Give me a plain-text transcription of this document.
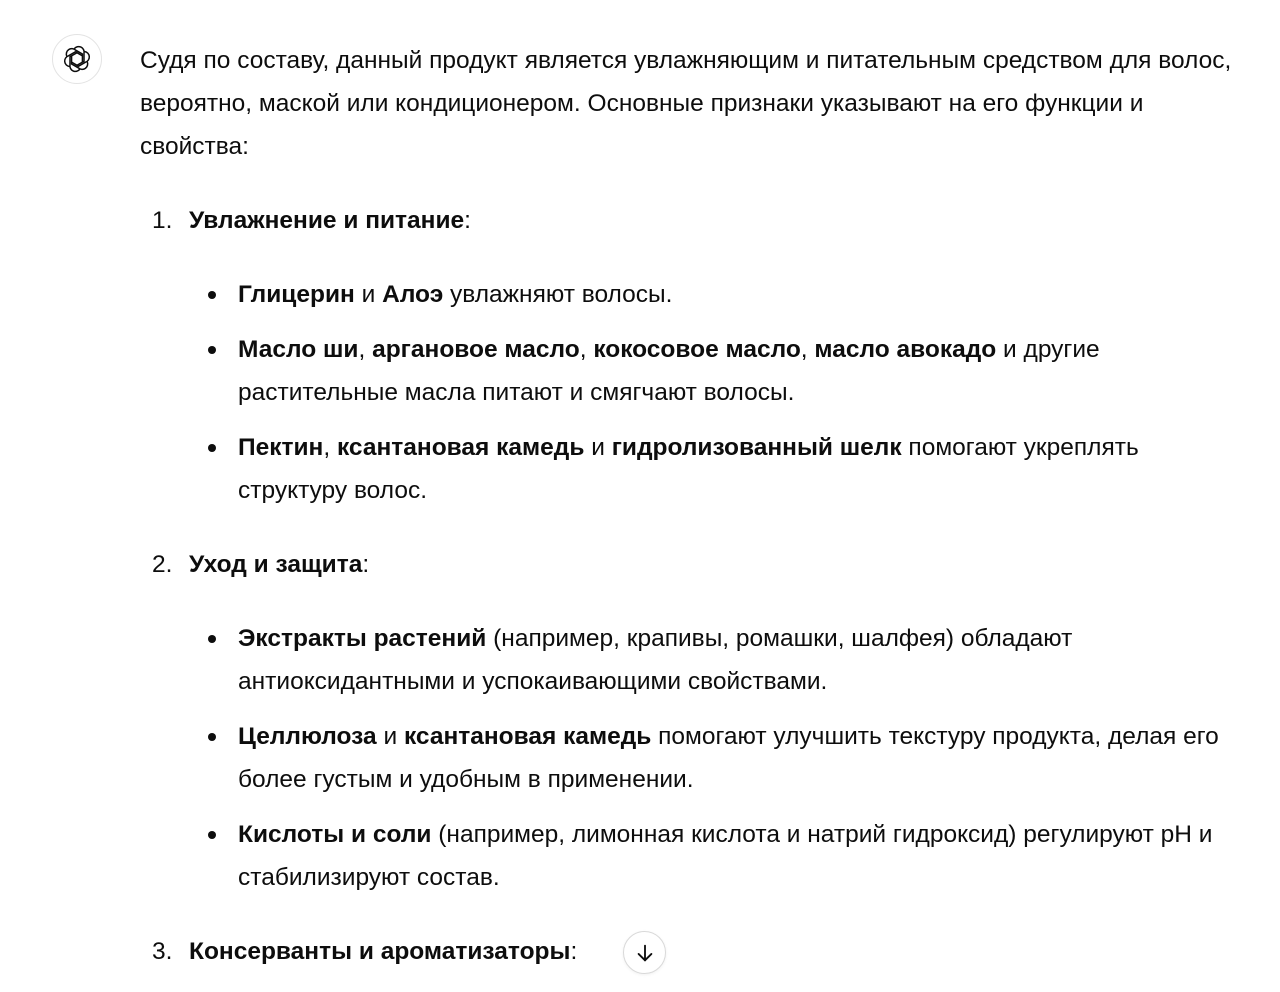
Судя по составу, данный продукт является увлажняющим и питательным средством для волос, вероятно, маской или кондиционером. Основные признаки указывают на его функции и свойства:

1. Увлажнение и питание:

Глицерин и Алоэ увлажняют волосы.
Масло ши, аргановое масло, кокосовое масло, масло авокадо и другие растительные масла питают и смягчают волосы.
Пектин, ксантановая камедь и гидролизованный шелк помогают укреплять структуру волос.

2. Уход и защита:

Экстракты растений (например, крапивы, ромашки, шалфея) обладают антиоксидантными и успокаивающими свойствами.
Целлюлоза и ксантановая камедь помогают улучшить текстуру продукта, делая его более густым и удобным в применении.
Кислоты и соли (например, лимонная кислота и натрий гидроксид) регулируют pH и стабилизируют состав.

3. Консерванты и ароматизаторы:
